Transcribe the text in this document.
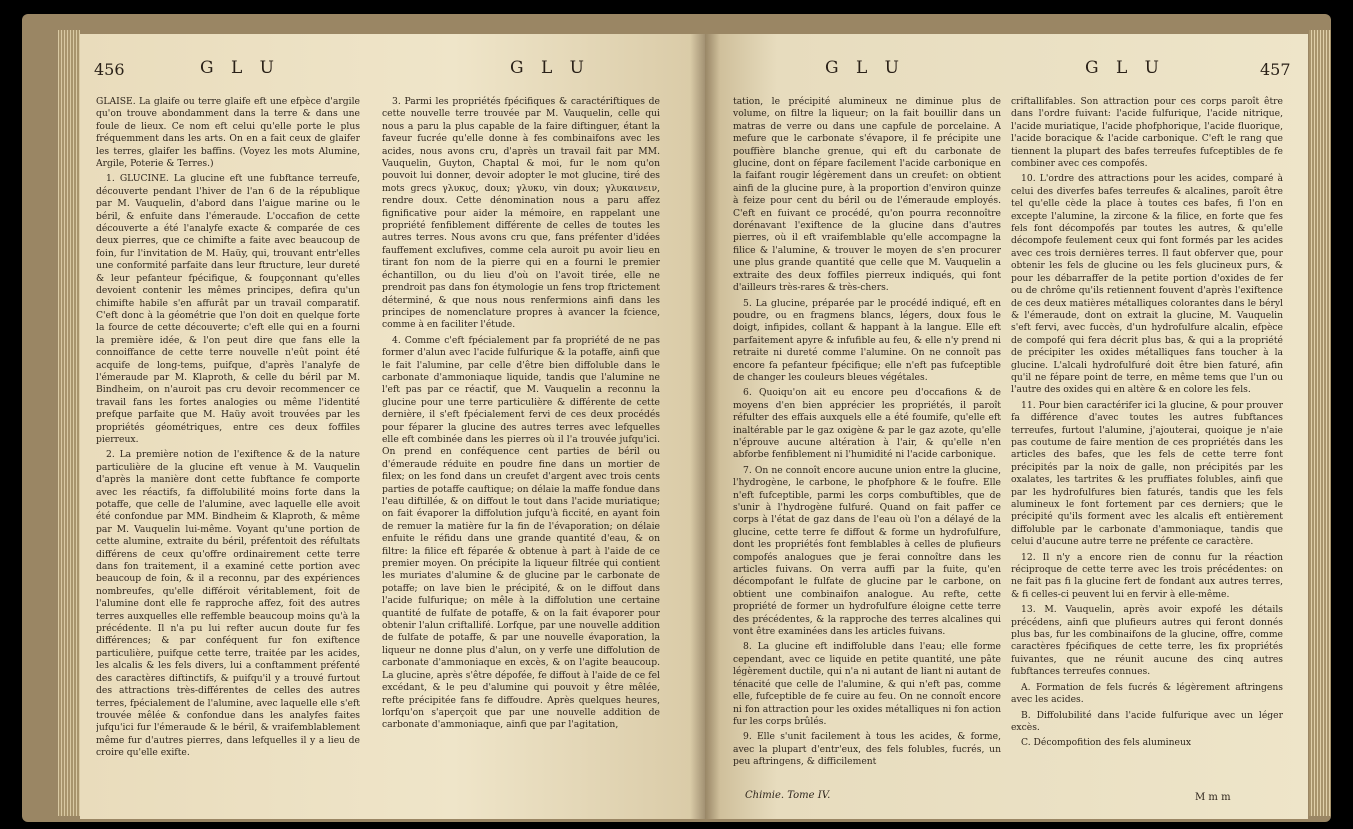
456	G L U	G L U

GLAISE. La glaife ou terre glaife eft une efpèce d'argile qu'on trouve abondamment dans la terre & dans une foule de lieux. Ce nom eft celui qu'elle porte le plus fréquemment dans les arts. On en a fait ceux de glaifer les terres, glaifer les baffins. (Voyez les mots Alumine, Argile, Poterie & Terres.)

1. GLUCINE. La glucine eft une fubftance terreufe, découverte pendant l'hiver de l'an 6 de la république par M. Vauquelin, d'abord dans l'aigue marine ou le béril, & enfuite dans l'émeraude. L'occafion de cette découverte a été l'analyfe exacte & comparée de ces deux pierres, que ce chimifte a faite avec beaucoup de foin, fur l'invitation de M. Haüy, qui, trouvant entr'elles une conformité parfaite dans leur ftructure, leur dureté & leur pefanteur fpécifique, & foupçonnant qu'elles devoient contenir les mêmes principes, defira qu'un chimifte habile s'en affurât par un travail comparatif. C'eft donc à la géométrie que l'on doit en quelque forte la fource de cette découverte; c'eft elle qui en a fourni la première idée, & l'on peut dire que fans elle la connoiffance de cette terre nouvelle n'eût point été acquife de long-tems, puifque, d'après l'analyfe de l'émeraude par M. Klaproth, & celle du béril par M. Bindheim, on n'auroit pas cru devoir recommencer ce travail fans les fortes analogies ou même l'identité prefque parfaite que M. Haüy avoit trouvées par les propriétés géométriques, entre ces deux foffiles pierreux.

2. La première notion de l'exiftence & de la nature particulière de la glucine eft venue à M. Vauquelin d'après la manière dont cette fubftance fe comporte avec les réactifs, fa diffolubilité moins forte dans la potaffe, que celle de l'alumine, avec laquelle elle avoit été confondue par MM. Bindheim & Klaproth, & même par M. Vauquelin lui-même. Voyant qu'une portion de cette alumine, extraite du béril, préfentoit des réfultats différens de ceux qu'offre ordinairement cette terre dans fon traitement, il a examiné cette portion avec beaucoup de foin, & il a reconnu, par des expériences nombreufes, qu'elle différoit véritablement, foit de l'alumine dont elle fe rapproche affez, foit des autres terres auxquelles elle reffemble beaucoup moins qu'à la précédente. Il n'a pu lui refter aucun doute fur fes différences; & par conféquent fur fon exiftence particulière, puifque cette terre, traitée par les acides, les alcalis & les fels divers, lui a conftamment préfenté des caractères diftinctifs, & puifqu'il y a trouvé furtout des attractions très-différentes de celles des autres terres, fpécialement de l'alumine, avec laquelle elle s'eft trouvée mêlée & confondue dans les analyfes faites jufqu'ici fur l'émeraude & le béril, & vraifemblablement même fur d'autres pierres, dans lefquelles il y a lieu de croire qu'elle exifte.

3. Parmi les propriétés fpécifiques & caractériftiques de cette nouvelle terre trouvée par M. Vauquelin, celle qui nous a paru la plus capable de la faire diftinguer, étant la faveur fucrée qu'elle donne à fes combinaifons avec les acides, nous avons cru, d'après un travail fait par MM. Vauquelin, Guyton, Chaptal & moi, fur le nom qu'on pouvoit lui donner, devoir adopter le mot glucine, tiré des mots grecs γλυκυς, doux; γλυκυ, vin doux; γλυκαινειν, rendre doux. Cette dénomination nous a paru affez fignificative pour aider la mémoire, en rappelant une propriété fenfiblement différente de celles de toutes les autres terres. Nous avons cru que, fans préfenter d'idées fauffement exclufives, comme cela auroit pu avoir lieu en tirant fon nom de la pierre qui en a fourni le premier échantillon, ou du lieu d'où on l'avoit tirée, elle ne prendroit pas dans fon étymologie un fens trop ftrictement déterminé, & que nous nous renfermions ainfi dans les principes de nomenclature propres à avancer la fcience, comme à en faciliter l'étude.

4. Comme c'eft fpécialement par fa propriété de ne pas former d'alun avec l'acide fulfurique & la potaffe, ainfi que le fait l'alumine, par celle d'être bien diffoluble dans le carbonate d'ammoniaque liquide, tandis que l'alumine ne l'eft pas par ce réactif, que M. Vauquelin a reconnu la glucine pour une terre particulière & différente de cette dernière, il s'eft fpécialement fervi de ces deux procédés pour féparer la glucine des autres terres avec lefquelles elle eft combinée dans les pierres où il l'a trouvée jufqu'ici. On prend en conféquence cent parties de béril ou d'émeraude réduite en poudre fine dans un mortier de filex; on les fond dans un creufet d'argent avec trois cents parties de potaffe cauftique; on délaie la maffe fondue dans l'eau diftillée, & on diffout le tout dans l'acide muriatique; on fait évaporer la diffolution jufqu'à ficcité, en ayant foin de remuer la matière fur la fin de l'évaporation; on délaie enfuite le réfidu dans une grande quantité d'eau, & on filtre: la filice eft féparée & obtenue à part à l'aide de ce premier moyen. On précipite la liqueur filtrée qui contient les muriates d'alumine & de glucine par le carbonate de potaffe; on lave bien le précipité, & on le diffout dans l'acide fulfurique; on mêle à la diffolution une certaine quantité de fulfate de potaffe, & on la fait évaporer pour obtenir l'alun criftallifé. Lorfque, par une nouvelle addition de fulfate de potaffe, & par une nouvelle évaporation, la liqueur ne donne plus d'alun, on y verfe une diffolution de carbonate d'ammoniaque en excès, & on l'agite beaucoup. La glucine, après s'être dépofée, fe diffout à l'aide de ce fel excédant, & le peu d'alumine qui pouvoit y être mêlée, refte précipitée fans fe diffoudre. Après quelques heures, lorfqu'on s'aperçoit que par une nouvelle addition de carbonate d'ammoniaque, ainfi que par l'agitation,

G L U	G L U	457

tation, le précipité alumineux ne diminue plus de volume, on filtre la liqueur; on la fait bouillir dans un matras de verre ou dans une capfule de porcelaine. A mefure que le carbonate s'évapore, il fe précipite une pouffière blanche grenue, qui eft du carbonate de glucine, dont on fépare facilement l'acide carbonique en la faifant rougir légèrement dans un creufet: on obtient ainfi de la glucine pure, à la proportion d'environ quinze à feize pour cent du béril ou de l'émeraude employés. C'eft en fuivant ce procédé, qu'on pourra reconnoître dorénavant l'exiftence de la glucine dans d'autres pierres, où il eft vraifemblable qu'elle accompagne la filice & l'alumine, & trouver le moyen de s'en procurer une plus grande quantité que celle que M. Vauquelin a extraite des deux foffiles pierreux indiqués, qui font d'ailleurs très-rares & très-chers.

5. La glucine, préparée par le procédé indiqué, eft en poudre, ou en fragmens blancs, légers, doux fous le doigt, infipides, collant & happant à la langue. Elle eft parfaitement apyre & infufible au feu, & elle n'y prend ni retraite ni dureté comme l'alumine. On ne connoît pas encore fa pefanteur fpécifique; elle n'eft pas fufceptible de changer les couleurs bleues végétales.

6. Quoiqu'on ait eu encore peu d'occafions & de moyens d'en bien apprécier les propriétés, il paroît réfulter des effais auxquels elle a été foumife, qu'elle eft inaltérable par le gaz oxigène & par le gaz azote, qu'elle n'éprouve aucune altération à l'air, & qu'elle n'en abforbe fenfiblement ni l'humidité ni l'acide carbonique.

7. On ne connoît encore aucune union entre la glucine, l'hydrogène, le carbone, le phofphore & le foufre. Elle n'eft fufceptible, parmi les corps combuftibles, que de s'unir à l'hydrogène fulfuré. Quand on fait paffer ce corps à l'état de gaz dans de l'eau où l'on a délayé de la glucine, cette terre fe diffout & forme un hydrofulfure, dont les propriétés font femblables à celles de plufieurs compofés analogues que je ferai connoître dans les articles fuivans. On verra auffi par la fuite, qu'en décompofant le fulfate de glucine par le carbone, on obtient une combinaifon analogue. Au refte, cette propriété de former un hydrofulfure éloigne cette terre des précédentes, & la rapproche des terres alcalines qui vont être examinées dans les articles fuivans.

8. La glucine eft indiffoluble dans l'eau; elle forme cependant, avec ce liquide en petite quantité, une pâte légèrement ductile, qui n'a ni autant de liant ni autant de ténacité que celle de l'alumine, & qui n'eft pas, comme elle, fufceptible de fe cuire au feu. On ne connoît encore ni fon attraction pour les oxides métalliques ni fon action fur les corps brûlés.

9. Elle s'unit facilement à tous les acides, & forme, avec la plupart d'entr'eux, des fels folubles, fucrés, un peu aftringens, & difficilement

criftallifables. Son attraction pour ces corps paroît être dans l'ordre fuivant: l'acide fulfurique, l'acide nitrique, l'acide muriatique, l'acide phofphorique, l'acide fluorique, l'acide boracique & l'acide carbonique. C'eft le rang que tiennent la plupart des bafes terreufes fufceptibles de fe combiner avec ces compofés.

10. L'ordre des attractions pour les acides, comparé à celui des diverfes bafes terreufes & alcalines, paroît être tel qu'elle cède la place à toutes ces bafes, fi l'on en excepte l'alumine, la zircone & la filice, en forte que fes fels font décompofés par toutes les autres, & qu'elle décompofe feulement ceux qui font formés par les acides avec ces trois dernières terres. Il faut obferver que, pour obtenir les fels de glucine ou les fels glucineux purs, & pour les débarraffer de la petite portion d'oxides de fer ou de chrôme qu'ils retiennent fouvent d'après l'exiftence de ces deux matières métalliques colorantes dans le béryl & l'émeraude, dont on extrait la glucine, M. Vauquelin s'eft fervi, avec fuccès, d'un hydrofulfure alcalin, efpèce de compofé qui fera décrit plus bas, & qui a la propriété de précipiter les oxides métalliques fans toucher à la glucine. L'alcali hydrofulfuré doit être bien faturé, afin qu'il ne fépare point de terre, en même tems que l'un ou l'autre des oxides qui en altère & en colore les fels.

11. Pour bien caractérifer ici la glucine, & pour prouver fa différence d'avec toutes les autres fubftances terreufes, furtout l'alumine, j'ajouterai, quoique je n'aie pas coutume de faire mention de ces propriétés dans les articles des bafes, que les fels de cette terre font précipités par la noix de galle, non précipités par les oxalates, les tartrites & les pruffiates folubles, ainfi que par les hydrofulfures bien faturés, tandis que les fels alumineux le font fortement par ces derniers; que le précipité qu'ils forment avec les alcalis eft entièrement diffoluble par le carbonate d'ammoniaque, tandis que celui d'aucune autre terre ne préfente ce caractère.

12. Il n'y a encore rien de connu fur la réaction réciproque de cette terre avec les trois précédentes: on ne fait pas fi la glucine fert de fondant aux autres terres, & fi celles-ci peuvent lui en fervir à elle-même.

13. M. Vauquelin, après avoir expofé les détails précédens, ainfi que plufieurs autres qui feront donnés plus bas, fur les combinaifons de la glucine, offre, comme caractères fpécifiques de cette terre, les fix propriétés fuivantes, que ne réunit aucune des cinq autres fubftances terreufes connues.

A. Formation de fels fucrés & légèrement aftringens avec les acides.

B. Diffolubilité dans l'acide fulfurique avec un léger excès.

C. Décompofition des fels alumineux

Chimie. Tome IV.	M m m
